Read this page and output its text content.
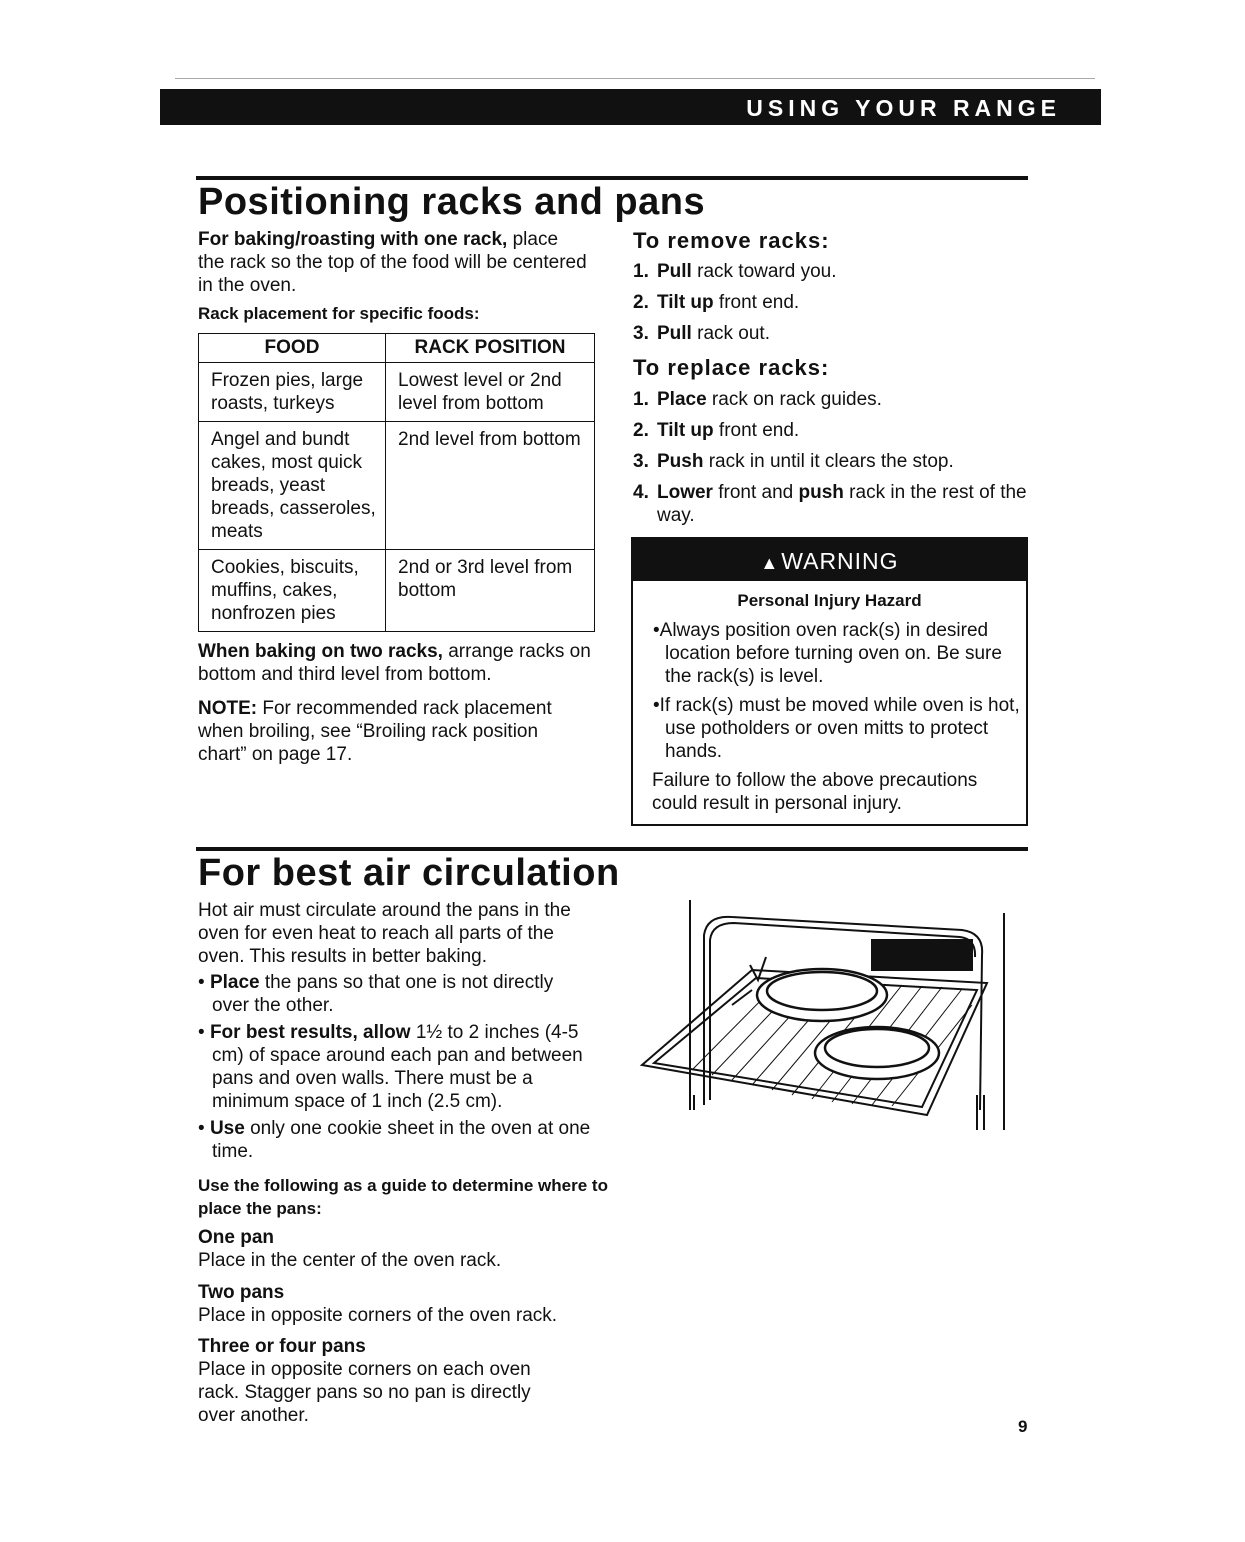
USING YOUR RANGE
Positioning racks and pans

For baking/roasting with one rack, place the rack so the top of the food will be centered in the oven.

Rack placement for specific foods:

FOOD	RACK POSITION
Frozen pies, large roasts, turkeys	Lowest level or 2nd level from bottom
Angel and bundt cakes, most quick breads, yeast breads, casseroles, meats	2nd level from bottom
Cookies, biscuits, muffins, cakes, nonfrozen pies	2nd or 3rd level from bottom

When baking on two racks, arrange racks on bottom and third level from bottom.

NOTE: For recommended rack placement when broiling, see “Broiling rack position chart” on page 17.

To remove racks:
1. Pull rack toward you.
2. Tilt up front end.
3. Pull rack out.
To replace racks:
1. Place rack on rack guides.
2. Tilt up front end.
3. Push rack in until it clears the stop.
4. Lower front and push rack in the rest of the way.
▲WARNING
Personal Injury Hazard
•Always position oven rack(s) in desired location before turning oven on. Be sure the rack(s) is level.
•If rack(s) must be moved while oven is hot, use potholders or oven mitts to protect hands.
Failure to follow the above precautions could result in personal injury.
For best air circulation

Hot air must circulate around the pans in the oven for even heat to reach all parts of the oven. This results in better baking.

• Place the pans so that one is not directly over the other.
• For best results, allow 1½ to 2 inches (4-5 cm) of space around each pan and between pans and oven walls. There must be a minimum space of 1 inch (2.5 cm).
• Use only one cookie sheet in the oven at one time.

Use the following as a guide to determine where to place the pans:

One pan

Place in the center of the oven rack.

Two pans

Place in opposite corners of the oven rack.

Three or four pans

Place in opposite corners on each oven rack. Stagger pans so no pan is directly over another.

9
